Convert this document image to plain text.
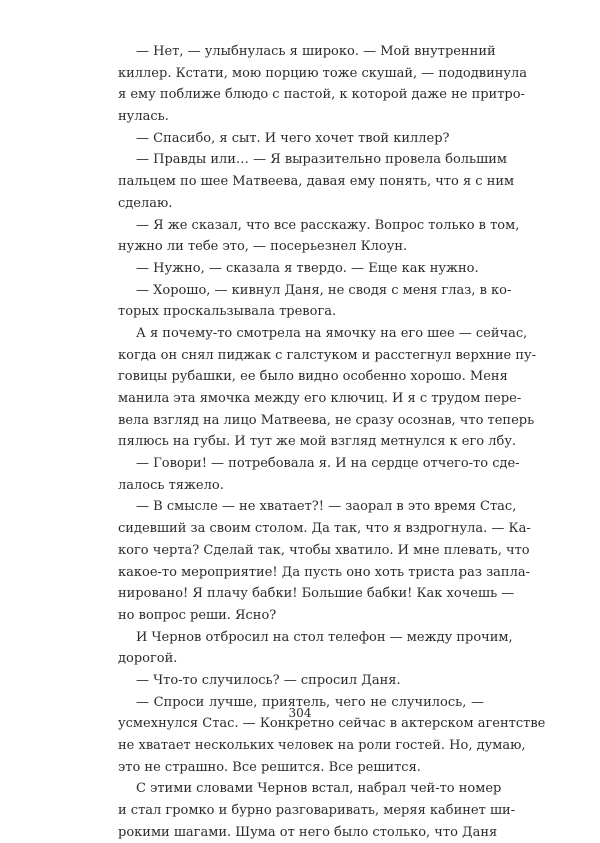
— Нет, — улыбнулась я широко. — Мой внутренний
киллер. Кстати, мою порцию тоже скушай, — пододвинула
я ему поближе блюдо с пастой, к которой даже не притро-
нулась.
— Спасибо, я сыт. И чего хочет твой киллер?
— Правды или… — Я выразительно провела большим
пальцем по шее Матвеева, давая ему понять, что я с ним
сделаю.
— Я же сказал, что все расскажу. Вопрос только в том,
нужно ли тебе это, — посерьезнел Клоун.
— Нужно, — сказала я твердо. — Еще как нужно.
— Хорошо, — кивнул Даня, не сводя с меня глаз, в ко-
торых проскальзывала тревога.
А я почему-то смотрела на ямочку на его шее — сейчас,
когда он снял пиджак с галстуком и расстегнул верхние пу-
говицы рубашки, ее было видно особенно хорошо. Меня
манила эта ямочка между его ключиц. И я с трудом пере-
вела взгляд на лицо Матвеева, не сразу осознав, что теперь
пялюсь на губы. И тут же мой взгляд метнулся к его лбу.
— Говори! — потребовала я. И на сердце отчего-то сде-
лалось тяжело.
— В смысле — не хватает?! — заорал в это время Стас,
сидевший за своим столом. Да так, что я вздрогнула. — Ка-
кого черта? Сделай так, чтобы хватило. И мне плевать, что
какое-то мероприятие! Да пусть оно хоть триста раз запла-
нировано! Я плачу бабки! Большие бабки! Как хочешь —
но вопрос реши. Ясно?
И Чернов отбросил на стол телефон — между прочим,
дорогой.
— Что-то случилось? — спросил Даня.
— Спроси лучше, приятель, чего не случилось, —
усмехнулся Стас. — Конкретно сейчас в актерском агентстве
не хватает нескольких человек на роли гостей. Но, думаю,
это не страшно. Все решится. Все решится.
С этими словами Чернов встал, набрал чей-то номер
и стал громко и бурно разговаривать, меряя кабинет ши-
рокими шагами. Шума от него было столько, что Даня
304
